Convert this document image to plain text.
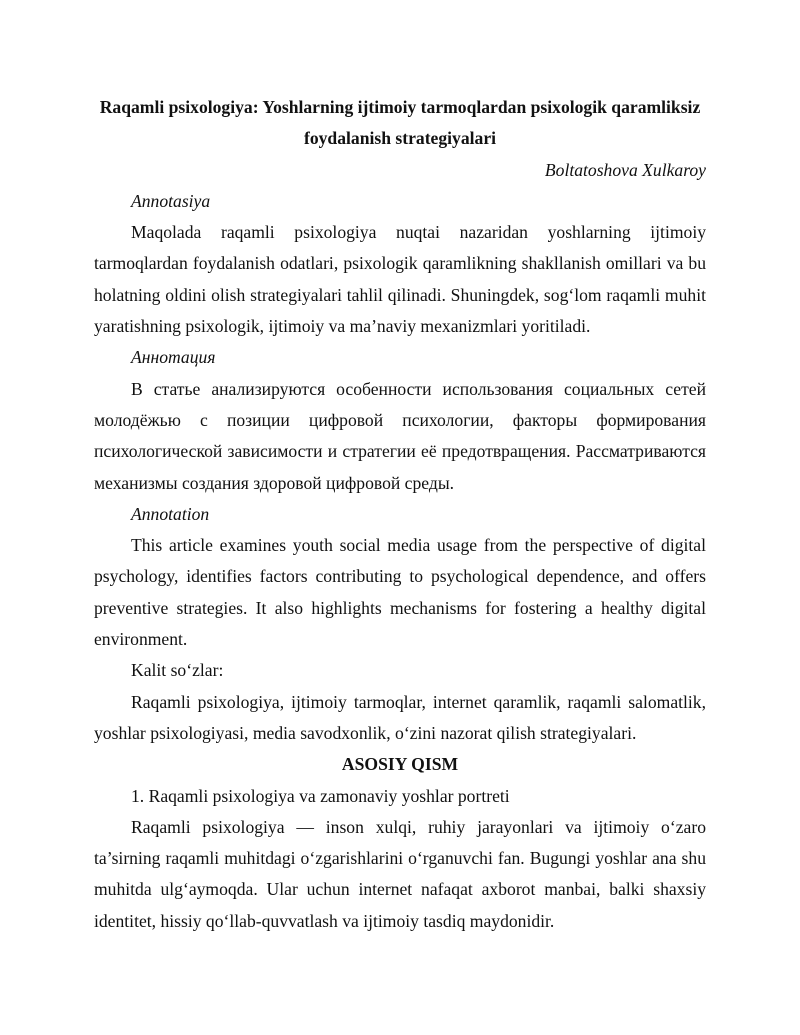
Raqamli psixologiya: Yoshlarning ijtimoiy tarmoqlardan psixologik qaramliksiz foydalanish strategiyalari

Boltatoshova Xulkaroy

Annotasiya

Maqolada raqamli psixologiya nuqtai nazaridan yoshlarning ijtimoiy tarmoqlardan foydalanish odatlari, psixologik qaramlikning shakllanish omillari va bu holatning oldini olish strategiyalari tahlil qilinadi. Shuningdek, sog‘lom raqamli muhit yaratishning psixologik, ijtimoiy va ma’naviy mexanizmlari yoritiladi.

Аннотация

В статье анализируются особенности использования социальных сетей молодёжью с позиции цифровой психологии, факторы формирования психологической зависимости и стратегии её предотвращения. Рассматриваются механизмы создания здоровой цифровой среды.

Annotation

This article examines youth social media usage from the perspective of digital psychology, identifies factors contributing to psychological dependence, and offers preventive strategies. It also highlights mechanisms for fostering a healthy digital environment.

Kalit so‘zlar:

Raqamli psixologiya, ijtimoiy tarmoqlar, internet qaramlik, raqamli salomatlik, yoshlar psixologiyasi, media savodxonlik, o‘zini nazorat qilish strategiyalari.

ASOSIY QISM

1. Raqamli psixologiya va zamonaviy yoshlar portreti

Raqamli psixologiya — inson xulqi, ruhiy jarayonlari va ijtimoiy o‘zaro ta’sirning raqamli muhitdagi o‘zgarishlarini o‘rganuvchi fan. Bugungi yoshlar ana shu muhitda ulg‘aymoqda. Ular uchun internet nafaqat axborot manbai, balki shaxsiy identitet, hissiy qo‘llab-quvvatlash va ijtimoiy tasdiq maydonidir.
